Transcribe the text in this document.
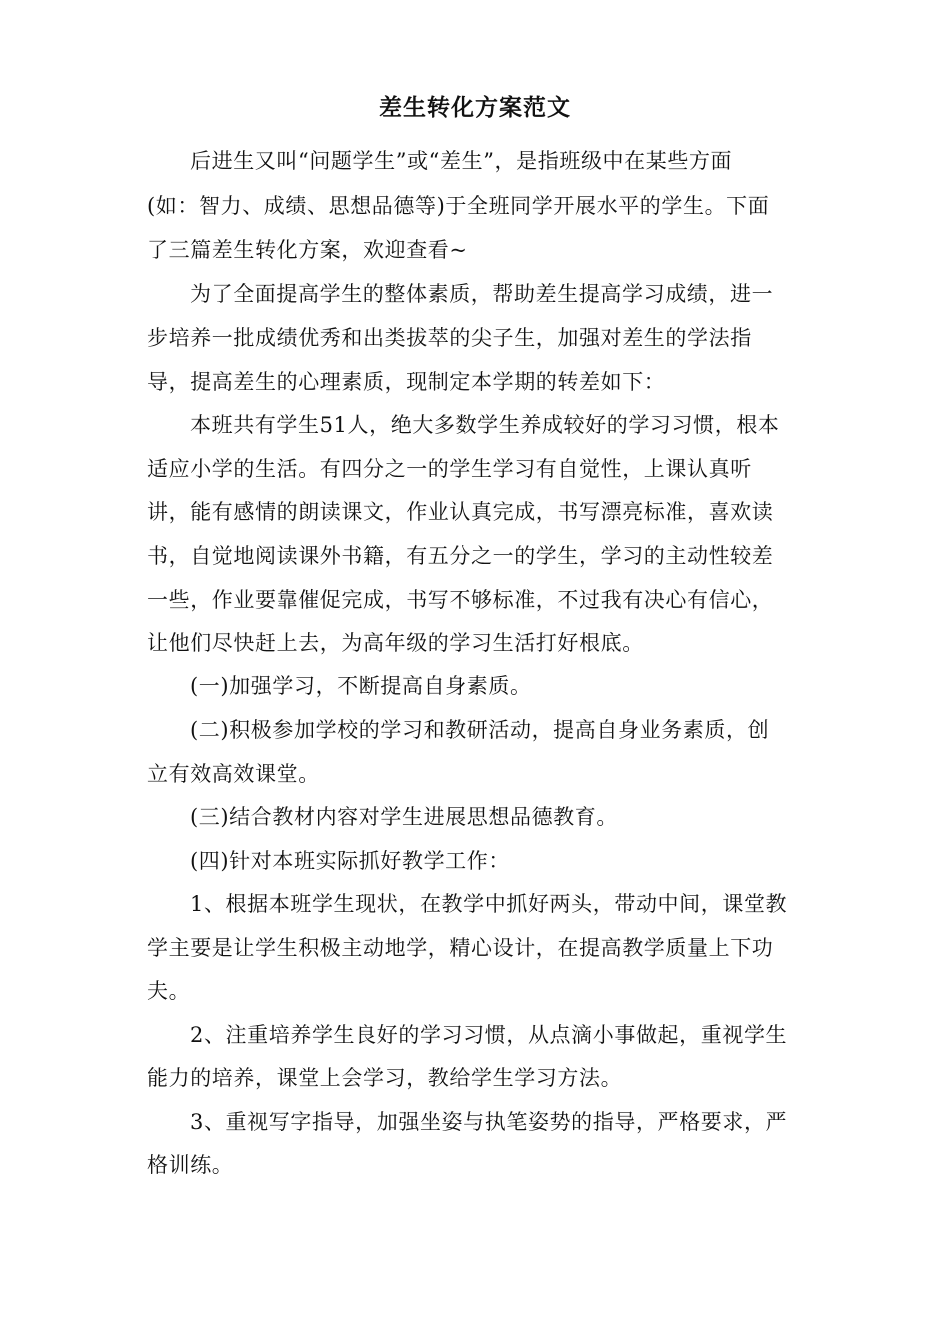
差生转化方案范文
后进生又叫“问题学生”或“差生”，是指班级中在某些方面
(如：智力、成绩、思想品德等)于全班同学开展水平的学生。下面
了三篇差生转化方案，欢迎查看~
为了全面提高学生的整体素质，帮助差生提高学习成绩，进一
步培养一批成绩优秀和出类拔萃的尖子生，加强对差生的学法指
导，提高差生的心理素质，现制定本学期的转差如下：
本班共有学生51人，绝大多数学生养成较好的学习习惯，根本
适应小学的生活。有四分之一的学生学习有自觉性，上课认真听
讲，能有感情的朗读课文，作业认真完成，书写漂亮标准，喜欢读
书，自觉地阅读课外书籍，有五分之一的学生，学习的主动性较差
一些，作业要靠催促完成，书写不够标准，不过我有决心有信心，
让他们尽快赶上去，为高年级的学习生活打好根底。
(一)加强学习，不断提高自身素质。
(二)积极参加学校的学习和教研活动，提高自身业务素质，创
立有效高效课堂。
(三)结合教材内容对学生进展思想品德教育。
(四)针对本班实际抓好教学工作：
1、根据本班学生现状，在教学中抓好两头，带动中间，课堂教
学主要是让学生积极主动地学，精心设计，在提高教学质量上下功
夫。
2、注重培养学生良好的学习习惯，从点滴小事做起，重视学生
能力的培养，课堂上会学习，教给学生学习方法。
3、重视写字指导，加强坐姿与执笔姿势的指导，严格要求，严
格训练。
